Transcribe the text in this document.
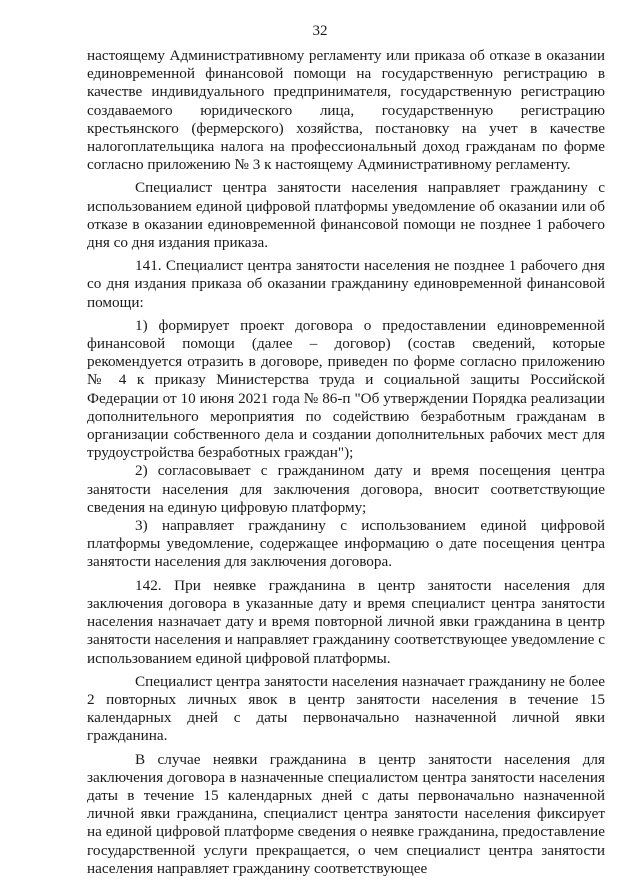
32

настоящему Административному регламенту или приказа об отказе в оказании единовременной финансовой помощи на государственную регистрацию в качестве индивидуального предпринимателя, государственную регистрацию создаваемого юридического лица, государственную регистрацию крестьянского (фермерского) хозяйства, постановку на учет в качестве налогоплательщика налога на профессиональный доход гражданам по форме согласно приложению № 3 к настоящему Административному регламенту.

Специалист центра занятости населения направляет гражданину с использованием единой цифровой платформы уведомление об оказании или об отказе в оказании единовременной финансовой помощи не позднее 1 рабочего дня со дня издания приказа.

141. Специалист центра занятости населения не позднее 1 рабочего дня со дня издания приказа об оказании гражданину единовременной финансовой помощи:

1) формирует проект договора о предоставлении единовременной финансовой помощи (далее – договор) (состав сведений, которые рекомендуется отразить в договоре, приведен по форме согласно приложению № 4 к приказу Министерства труда и социальной защиты Российской Федерации от 10 июня 2021 года № 86-п "Об утверждении Порядка реализации дополнительного мероприятия по содействию безработным гражданам в организации собственного дела и создании дополнительных рабочих мест для трудоустройства безработных граждан");

2) согласовывает с гражданином дату и время посещения центра занятости населения для заключения договора, вносит соответствующие сведения на единую цифровую платформу;

3) направляет гражданину с использованием единой цифровой платформы уведомление, содержащее информацию о дате посещения центра занятости населения для заключения договора.

142. При неявке гражданина в центр занятости населения для заключения договора в указанные дату и время специалист центра занятости населения назначает дату и время повторной личной явки гражданина в центр занятости населения и направляет гражданину соответствующее уведомление с использованием единой цифровой платформы.

Специалист центра занятости населения назначает гражданину не более 2 повторных личных явок в центр занятости населения в течение 15 календарных дней с даты первоначально назначенной личной явки гражданина.

В случае неявки гражданина в центр занятости населения для заключения договора в назначенные специалистом центра занятости населения даты в течение 15 календарных дней с даты первоначально назначенной личной явки гражданина, специалист центра занятости населения фиксирует на единой цифровой платформе сведения о неявке гражданина, предоставление государственной услуги прекращается, о чем специалист центра занятости населения направляет гражданину соответствующее
